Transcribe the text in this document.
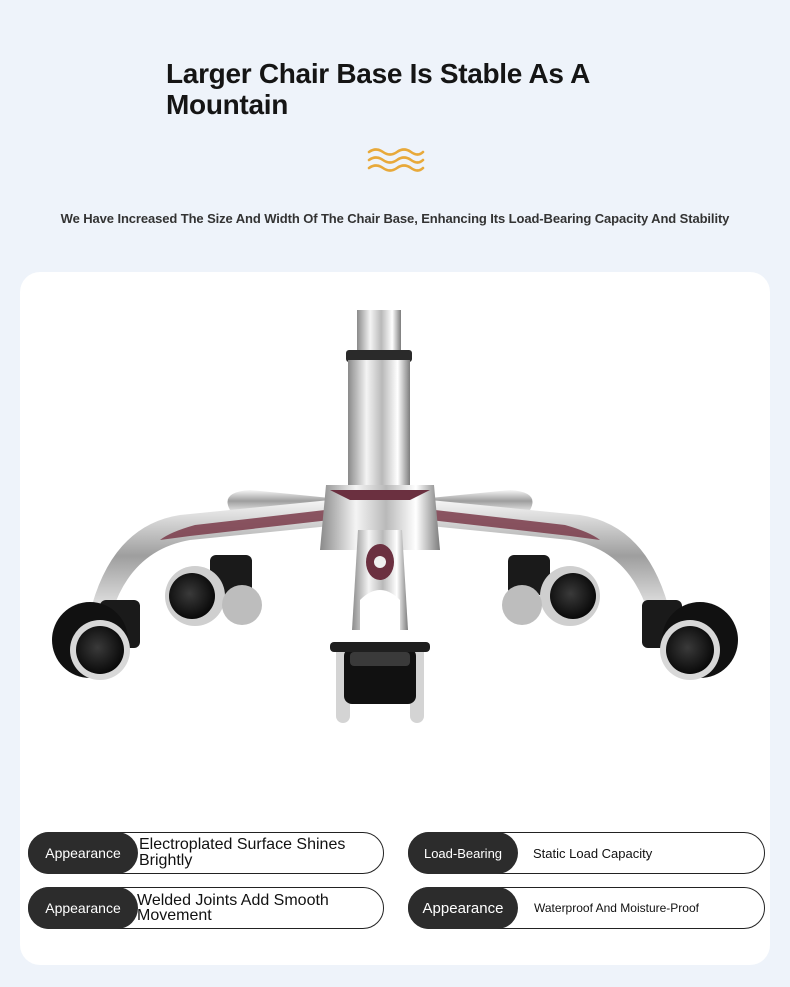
Larger Chair Base Is Stable As A Mountain

We Have Increased The Size And Width Of The Chair Base, Enhancing Its Load-Bearing Capacity And Stability

Appearance	Electroplated Surface Shines Brightly	Load-Bearing	Static Load Capacity
Appearance	Welded Joints Add Smooth Movement	Appearance	Waterproof And Moisture-Proof
